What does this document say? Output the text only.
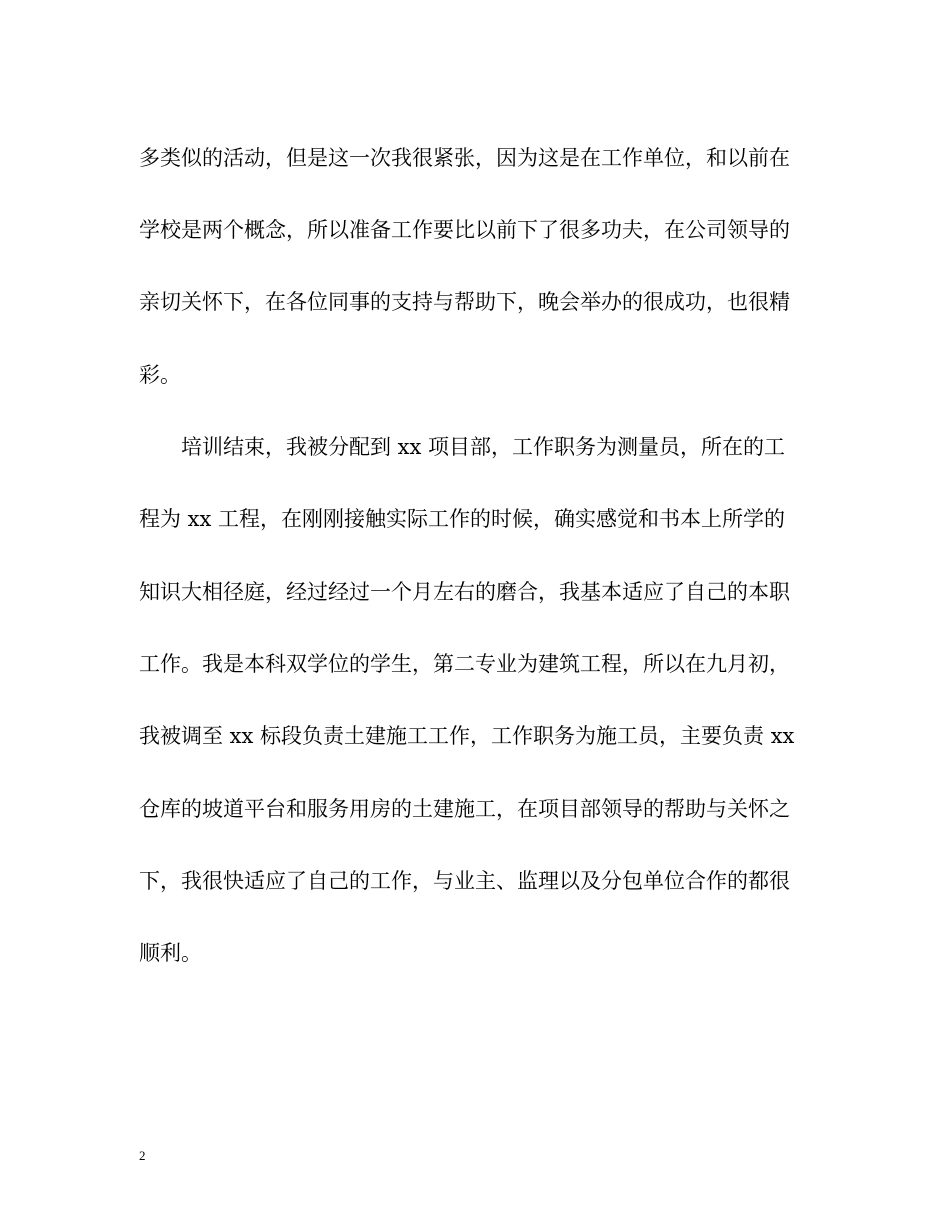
多类似的活动，但是这一次我很紧张，因为这是在工作单位，和以前在
学校是两个概念，所以准备工作要比以前下了很多功夫，在公司领导的
亲切关怀下，在各位同事的支持与帮助下，晚会举办的很成功，也很精
彩。
　　培训结束，我被分配到 xx 项目部，工作职务为测量员，所在的工
程为 xx 工程，在刚刚接触实际工作的时候，确实感觉和书本上所学的
知识大相径庭，经过经过一个月左右的磨合，我基本适应了自己的本职
工作。我是本科双学位的学生，第二专业为建筑工程，所以在九月初，
我被调至 xx 标段负责土建施工工作，工作职务为施工员，主要负责 xx
仓库的坡道平台和服务用房的土建施工，在项目部领导的帮助与关怀之
下，我很快适应了自己的工作，与业主、监理以及分包单位合作的都很
顺利。
2
